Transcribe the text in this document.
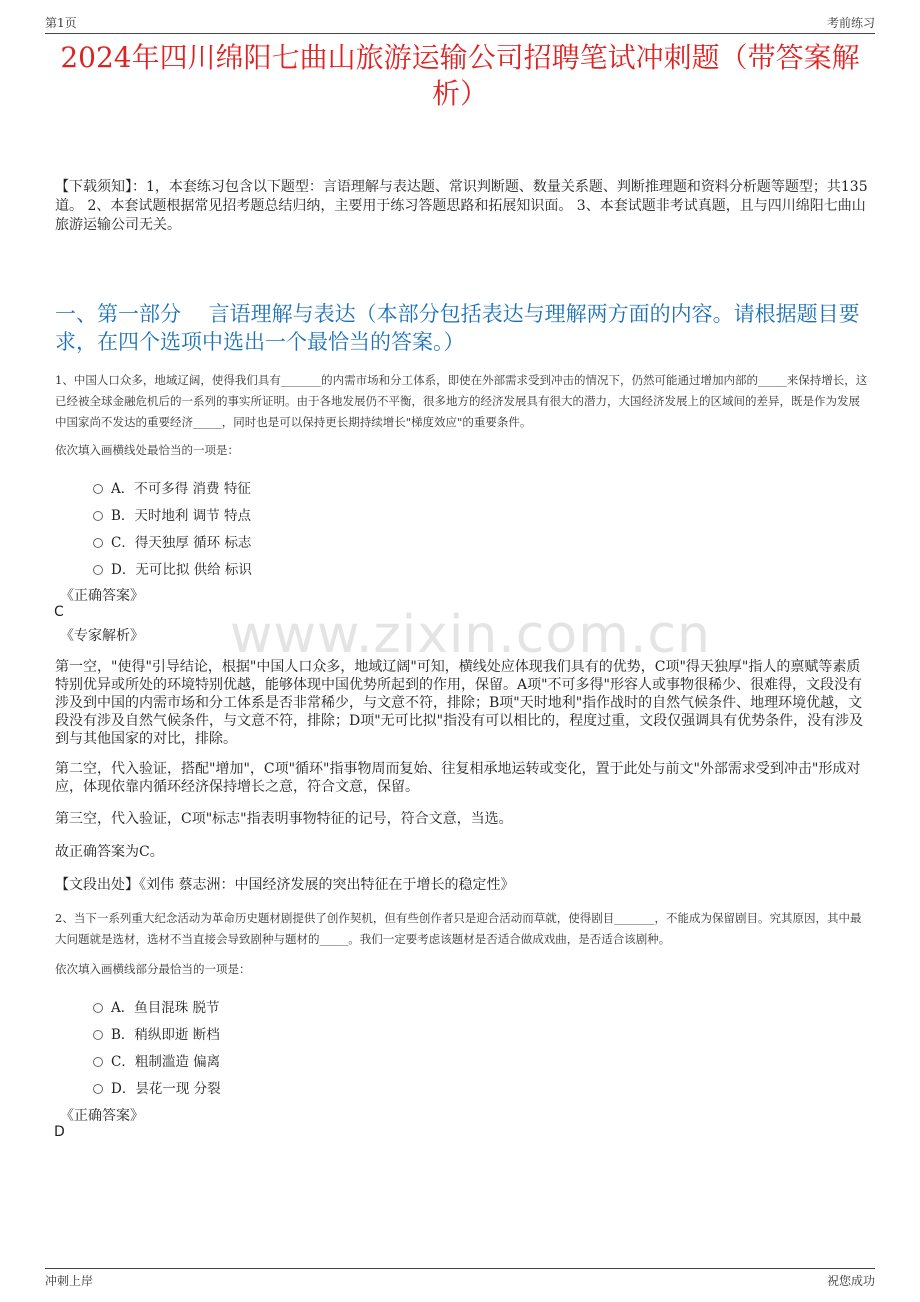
第1页	考前练习
2024年四川绵阳七曲山旅游运输公司招聘笔试冲刺题（带答案解析）

【下载须知】：1，本套练习包含以下题型：言语理解与表达题、常识判断题、数量关系题、判断推理题和资料分析题等题型；共135道。 2、本套试题根据常见招考题总结归纳，主要用于练习答题思路和拓展知识面。 3、本套试题非考试真题，且与四川绵阳七曲山旅游运输公司无关。

一、第一部分　 言语理解与表达（本部分包括表达与理解两方面的内容。请根据题目要求，在四个选项中选出一个最恰当的答案。）

1、中国人口众多，地域辽阔，使得我们具有_______的内需市场和分工体系，即使在外部需求受到冲击的情况下，仍然可能通过增加内部的_____来保持增长，这已经被全球金融危机后的一系列的事实所证明。由于各地发展仍不平衡，很多地方的经济发展具有很大的潜力，大国经济发展上的区域间的差异，既是作为发展中国家尚不发达的重要经济_____，同时也是可以保持更长期持续增长"梯度效应"的重要条件。

依次填入画横线处最恰当的一项是：

A．不可多得 消费 特征
B．天时地利 调节 特点
C．得天独厚 循环 标志
D．无可比拟 供给 标识
《正确答案》
C
《专家解析》 www.zixin.com.cn

第一空，"使得"引导结论，根据"中国人口众多，地域辽阔"可知，横线处应体现我们具有的优势，C项"得天独厚"指人的禀赋等素质特别优异或所处的环境特别优越，能够体现中国优势所起到的作用，保留。A项"不可多得"形容人或事物很稀少、很难得，文段没有涉及到中国的内需市场和分工体系是否非常稀少，与文意不符，排除；B项"天时地利"指作战时的自然气候条件、地理环境优越，文段没有涉及自然气候条件，与文意不符，排除；D项"无可比拟"指没有可以相比的，程度过重，文段仅强调具有优势条件，没有涉及到与其他国家的对比，排除。

第二空，代入验证，搭配"增加"，C项"循环"指事物周而复始、往复相承地运转或变化，置于此处与前文"外部需求受到冲击"形成对应，体现依靠内循环经济保持增长之意，符合文意，保留。

第三空，代入验证，C项"标志"指表明事物特征的记号，符合文意，当选。

故正确答案为C。

【文段出处】《刘伟 蔡志洲：中国经济发展的突出特征在于增长的稳定性》

2、当下一系列重大纪念活动为革命历史题材剧提供了创作契机，但有些创作者只是迎合活动而草就，使得剧目_______，不能成为保留剧目。究其原因，其中最大问题就是选材，选材不当直接会导致剧种与题材的_____。我们一定要考虑该题材是否适合做成戏曲，是否适合该剧种。

依次填入画横线部分最恰当的一项是：

A．鱼目混珠 脱节
B．稍纵即逝 断档
C．粗制滥造 偏离
D．昙花一现 分裂
《正确答案》
D
冲刺上岸	祝您成功
